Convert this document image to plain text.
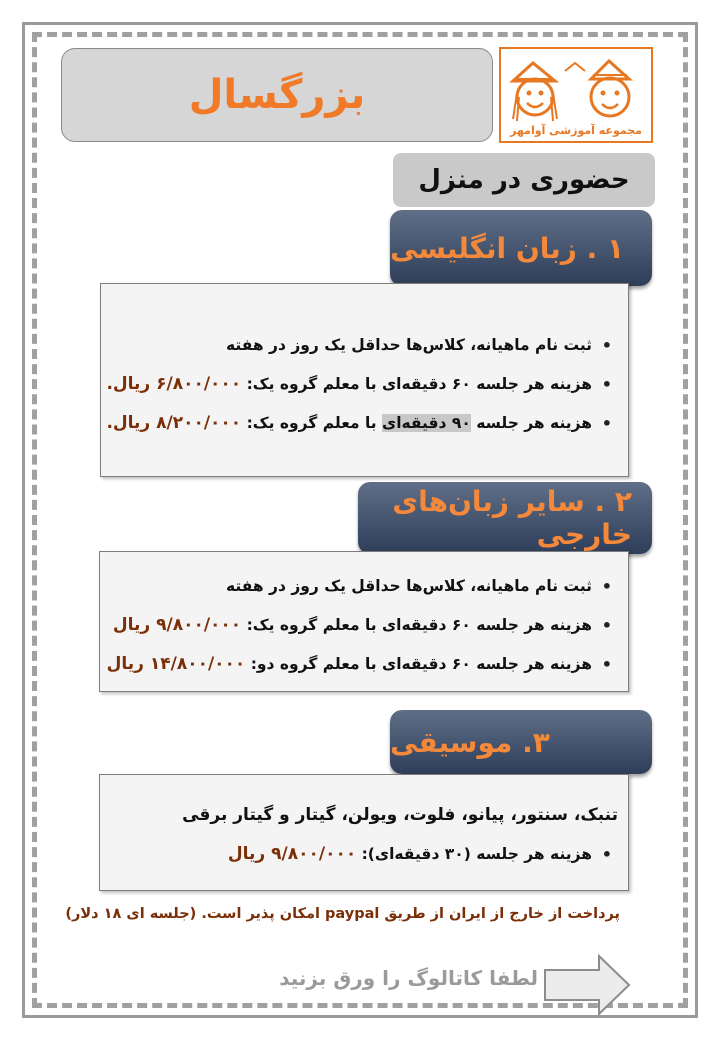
مجموعه آموزشی آوامهر
بزرگسال
حضوری در منزل
۱ . زبان انگلیسی
• ثبت نام ماهیانه، کلاس‌ها حداقل یک روز در هفته
• هزینه هر جلسه ۶۰ دقیقه‌ای با معلم گروه یک: ۶/۸۰۰/۰۰۰ ریال.
• هزینه هر جلسه ۹۰ دقیقه‌ای با معلم گروه یک: ۸/۲۰۰/۰۰۰ ریال.
۲ . سایر زبان‌های خارجی
• ثبت نام ماهیانه، کلاس‌ها حداقل یک روز در هفته
• هزینه هر جلسه ۶۰ دقیقه‌ای با معلم گروه یک: ۹/۸۰۰/۰۰۰ ریال
• هزینه هر جلسه ۶۰ دقیقه‌ای با معلم گروه دو: ۱۴/۸۰۰/۰۰۰ ریال
۳. موسیقی
تنبک، سنتور، پیانو، فلوت، ویولن، گیتار و گیتار برقی
• هزینه هر جلسه (۳۰ دقیقه‌ای): ۹/۸۰۰/۰۰۰ ریال
پرداخت از خارج از ایران از طریق paypal امکان پذیر است. (جلسه ای ۱۸ دلار)
لطفا کاتالوگ را ورق بزنید
